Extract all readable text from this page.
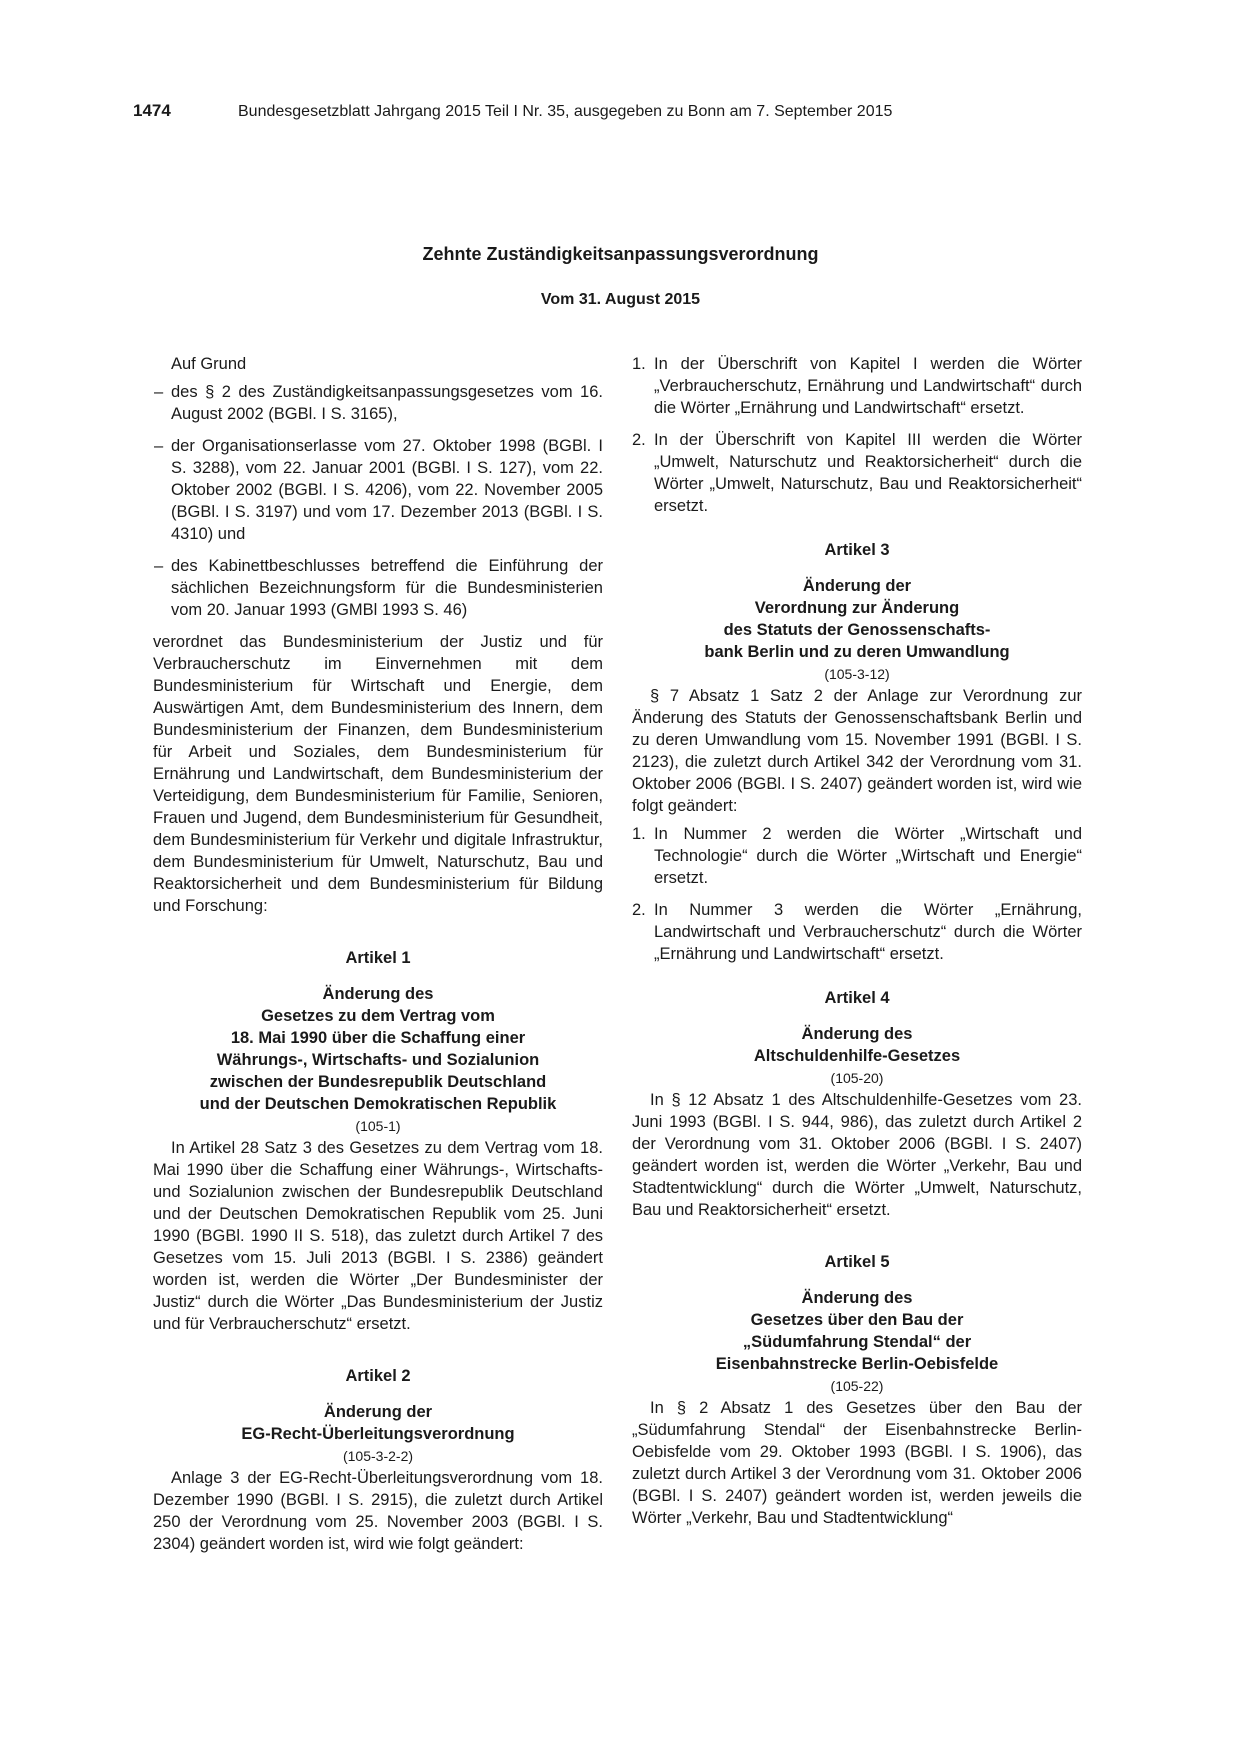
1474	Bundesgesetzblatt Jahrgang 2015 Teil I Nr. 35, ausgegeben zu Bonn am 7. September 2015
Zehnte Zuständigkeitsanpassungsverordnung
Vom 31. August 2015

Auf Grund

– des § 2 des Zuständigkeitsanpassungsgesetzes vom 16. August 2002 (BGBl. I S. 3165),
– der Organisationserlasse vom 27. Oktober 1998 (BGBl. I S. 3288), vom 22. Januar 2001 (BGBl. I S. 127), vom 22. Oktober 2002 (BGBl. I S. 4206), vom 22. November 2005 (BGBl. I S. 3197) und vom 17. Dezember 2013 (BGBl. I S. 4310) und
– des Kabinettbeschlusses betreffend die Einführung der sächlichen Bezeichnungsform für die Bundesministerien vom 20. Januar 1993 (GMBl 1993 S. 46)

verordnet das Bundesministerium der Justiz und für Verbraucherschutz im Einvernehmen mit dem Bundesministerium für Wirtschaft und Energie, dem Auswärtigen Amt, dem Bundesministerium des Innern, dem Bundesministerium der Finanzen, dem Bundesministerium für Arbeit und Soziales, dem Bundesministerium für Ernährung und Landwirtschaft, dem Bundesministerium der Verteidigung, dem Bundesministerium für Familie, Senioren, Frauen und Jugend, dem Bundesministerium für Gesundheit, dem Bundesministerium für Verkehr und digitale Infrastruktur, dem Bundesministerium für Umwelt, Naturschutz, Bau und Reaktorsicherheit und dem Bundesministerium für Bildung und Forschung:

Artikel 1

Änderung des

Gesetzes zu dem Vertrag vom

18. Mai 1990 über die Schaffung einer

Währungs-, Wirtschafts- und Sozialunion

zwischen der Bundesrepublik Deutschland

und der Deutschen Demokratischen Republik

(105-1)

In Artikel 28 Satz 3 des Gesetzes zu dem Vertrag vom 18. Mai 1990 über die Schaffung einer Währungs-, Wirtschafts- und Sozialunion zwischen der Bundesrepublik Deutschland und der Deutschen Demokratischen Republik vom 25. Juni 1990 (BGBl. 1990 II S. 518), das zuletzt durch Artikel 7 des Gesetzes vom 15. Juli 2013 (BGBl. I S. 2386) geändert worden ist, werden die Wörter „Der Bundesminister der Justiz“ durch die Wörter „Das Bundesministerium der Justiz und für Verbraucherschutz“ ersetzt.

Artikel 2

Änderung der

EG-Recht-Überleitungsverordnung

(105-3-2-2)

Anlage 3 der EG-Recht-Überleitungsverordnung vom 18. Dezember 1990 (BGBl. I S. 2915), die zuletzt durch Artikel 250 der Verordnung vom 25. November 2003 (BGBl. I S. 2304) geändert worden ist, wird wie folgt geändert:

1. In der Überschrift von Kapitel I werden die Wörter „Verbraucherschutz, Ernährung und Landwirtschaft“ durch die Wörter „Ernährung und Landwirtschaft“ ersetzt.
2. In der Überschrift von Kapitel III werden die Wörter „Umwelt, Naturschutz und Reaktorsicherheit“ durch die Wörter „Umwelt, Naturschutz, Bau und Reaktorsicherheit“ ersetzt.

Artikel 3

Änderung der

Verordnung zur Änderung

des Statuts der Genossenschafts-

bank Berlin und zu deren Umwandlung

(105-3-12)

§ 7 Absatz 1 Satz 2 der Anlage zur Verordnung zur Änderung des Statuts der Genossenschaftsbank Berlin und zu deren Umwandlung vom 15. November 1991 (BGBl. I S. 2123), die zuletzt durch Artikel 342 der Verordnung vom 31. Oktober 2006 (BGBl. I S. 2407) geändert worden ist, wird wie folgt geändert:

1. In Nummer 2 werden die Wörter „Wirtschaft und Technologie“ durch die Wörter „Wirtschaft und Energie“ ersetzt.
2. In Nummer 3 werden die Wörter „Ernährung, Landwirtschaft und Verbraucherschutz“ durch die Wörter „Ernährung und Landwirtschaft“ ersetzt.

Artikel 4

Änderung des

Altschuldenhilfe-Gesetzes

(105-20)

In § 12 Absatz 1 des Altschuldenhilfe-Gesetzes vom 23. Juni 1993 (BGBl. I S. 944, 986), das zuletzt durch Artikel 2 der Verordnung vom 31. Oktober 2006 (BGBl. I S. 2407) geändert worden ist, werden die Wörter „Verkehr, Bau und Stadtentwicklung“ durch die Wörter „Umwelt, Naturschutz, Bau und Reaktorsicherheit“ ersetzt.

Artikel 5

Änderung des

Gesetzes über den Bau der

„Südumfahrung Stendal“ der

Eisenbahnstrecke Berlin-Oebisfelde

(105-22)

In § 2 Absatz 1 des Gesetzes über den Bau der „Südumfahrung Stendal“ der Eisenbahnstrecke Berlin-Oebisfelde vom 29. Oktober 1993 (BGBl. I S. 1906), das zuletzt durch Artikel 3 der Verordnung vom 31. Oktober 2006 (BGBl. I S. 2407) geändert worden ist, werden jeweils die Wörter „Verkehr, Bau und Stadtentwicklung“
